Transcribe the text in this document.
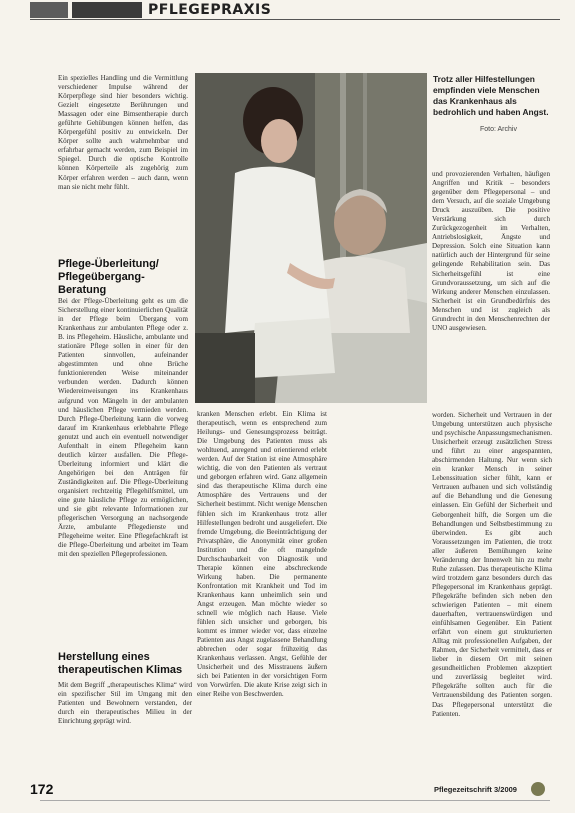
PFLEGEPRAXIS
Trotz aller Hilfestellungen empfinden viele Menschen das Krankenhaus als bedrohlich und haben Angst.
Foto: Archiv

Ein spezielles Handling und die Vermittlung verschiedener Impulse während der Körperpflege sind hier besonders wichtig. Gezielt eingesetzte Berührungen und Massagen oder eine Bimsentherapie durch geführte Gehübungen können helfen, das Körpergefühl positiv zu entwickeln. Der Körper sollte auch wahrnehmbar und erfahrbar gemacht werden, zum Beispiel im Spiegel. Durch die optische Kontrolle können Körperteile als zugehörig zum Körper erfahren werden – auch dann, wenn man sie nicht mehr fühlt.

Pflege-Überleitung/ Pflegeübergang-Beratung

Bei der Pflege-Überleitung geht es um die Sicherstellung einer kontinuierlichen Qualität in der Pflege beim Übergang vom Krankenhaus zur ambulanten Pflege oder z. B. ins Pflegeheim. Häusliche, ambulante und stationäre Pflege sollen in einer für den Patienten sinnvollen, aufeinander abgestimmten und ohne Brüche funktionierenden Weise miteinander verbunden werden. Dadurch können Wiedereinweisungen ins Krankenhaus aufgrund von Mängeln in der ambulanten und häuslichen Pflege vermieden werden. Durch Pflege-Überleitung kann die vorweg darauf im Krankenhaus erlebbahrte Pflege genutzt und auch ein eventuell notwendiger Aufenthalt in einem Pflegeheim kann deutlich kürzer ausfallen. Die Pflege-Überleitung informiert und klärt die Angehörigen bei den Anträgen für Zuständigkeiten auf. Die Pflege-Überleitung organisiert rechtzeitig Pflegehilfsmittel, um eine gute häusliche Pflege zu ermöglichen, und sie gibt relevante Informationen zur pflegerischen Versorgung an nachsorgende Ärzte, ambulante Pflegedienste und Pflegeheime weiter. Eine Pflegefachkraft ist die Pflege-Überleitung und arbeitet im Team mit den speziellen Pflegeprofessionen.

Herstellung eines therapeutischen Klimas

Mit dem Begriff „therapeutisches Klima“ wird ein spezifischer Stil im Umgang mit den Patienten und Bewohnern verstanden, der durch ein therapeutisches Milieu in der Einrichtung geprägt wird.

kranken Menschen erlebt. Ein Klima ist therapeutisch, wenn es entsprechend zum Heilungs- und Genesungsprozess beiträgt. Die Umgebung des Patienten muss als wohltuend, anregend und orientierend erlebt werden. Auf der Station ist eine Atmosphäre wichtig, die von den Patienten als vertraut und geborgen erfahren wird. Ganz allgemein sind das therapeutische Klima durch eine Atmosphäre des Vertrauens und der Sicherheit bestimmt. Nicht wenige Menschen fühlen sich im Krankenhaus trotz aller Hilfestellungen bedroht und ausgeliefert. Die fremde Umgebung, die Beeinträchtigung der Privatsphäre, die Anonymität einer großen Institution und die oft mangelnde Durchschaubarkeit von Diagnostik und Therapie können eine abschreckende Wirkung haben. Die permanente Konfrontation mit Krankheit und Tod im Krankenhaus kann unheimlich sein und Angst erzeugen. Man möchte wieder so schnell wie möglich nach Hause. Viele fühlen sich unsicher und geborgen, bis kommt es immer wieder vor, dass einzelne Patienten aus Angst zugelassene Behandlung abbrechen oder sogar frühzeitig das Krankenhaus verlassen. Angst, Gefühle der Unsicherheit und des Misstrauens äußern sich bei Patienten in der vorsichtigen Form von Vorwürfen. Die akute Krise zeigt sich in einer Reihe von Beschwerden.

und provozierenden Verhalten, häufigen Angriffen und Kritik – besonders gegenüber dem Pflegepersonal – und dem Versuch, auf die soziale Umgebung Druck auszuüben. Die positive Verstärkung sich durch Zurückgezogenheit im Verhalten, Antriebslosigkeit, Ängste und Depression. Solch eine Situation kann natürlich auch der Hintergrund für seine gelingende Rehabilitation sein. Das Sicherheitsgefühl ist eine Grundvoraussetzung, um sich auf die Wirkung anderer Menschen einzulassen. Sicherheit ist ein Grundbedürfnis des Menschen und ist zugleich als Grundrecht in den Menschenrechten der UNO ausgewiesen.

worden. Sicherheit und Vertrauen in der Umgebung unterstützen auch physische und psychische Anpassungsmechanismen. Unsicherheit erzeugt zusätzlichen Stress und führt zu einer angespannten, abschirmenden Haltung. Nur wenn sich ein kranker Mensch in seiner Lebenssituation sicher fühlt, kann er Vertrauen aufbauen und sich vollständig auf die Behandlung und die Genesung einlassen. Ein Gefühl der Sicherheit und Geborgenheit hilft, die Sorgen um die Behandlungen und Selbstbestimmung zu überwinden. Es gibt auch Voraussetzungen im Patienten, die trotz aller äußeren Bemühungen keine Veränderung der Innenwelt hin zu mehr Ruhe zulassen. Das therapeutische Klima wird trotzdem ganz besonders durch das Pflegepersonal im Krankenhaus geprägt. Pflegekräfte befinden sich neben den schwierigen Patienten – mit einem dauerhaften, vertrauenswürdigen und einfühlsamen Gegenüber. Ein Patient erfährt von einem gut strukturierten Alltag mit professionellen Aufgaben, der Rahmen, der Sicherheit vermittelt, dass er lieber in diesem Ort mit seinen gesundheitlichen Problemen akzeptiert und zuverlässig begleitet wird. Pflegekräfte sollten auch für die Vertrauensbildung des Patienten sorgen. Das Pflegepersonal unterstützt die Patienten.

172	Pflegezeitschrift 3/2009
